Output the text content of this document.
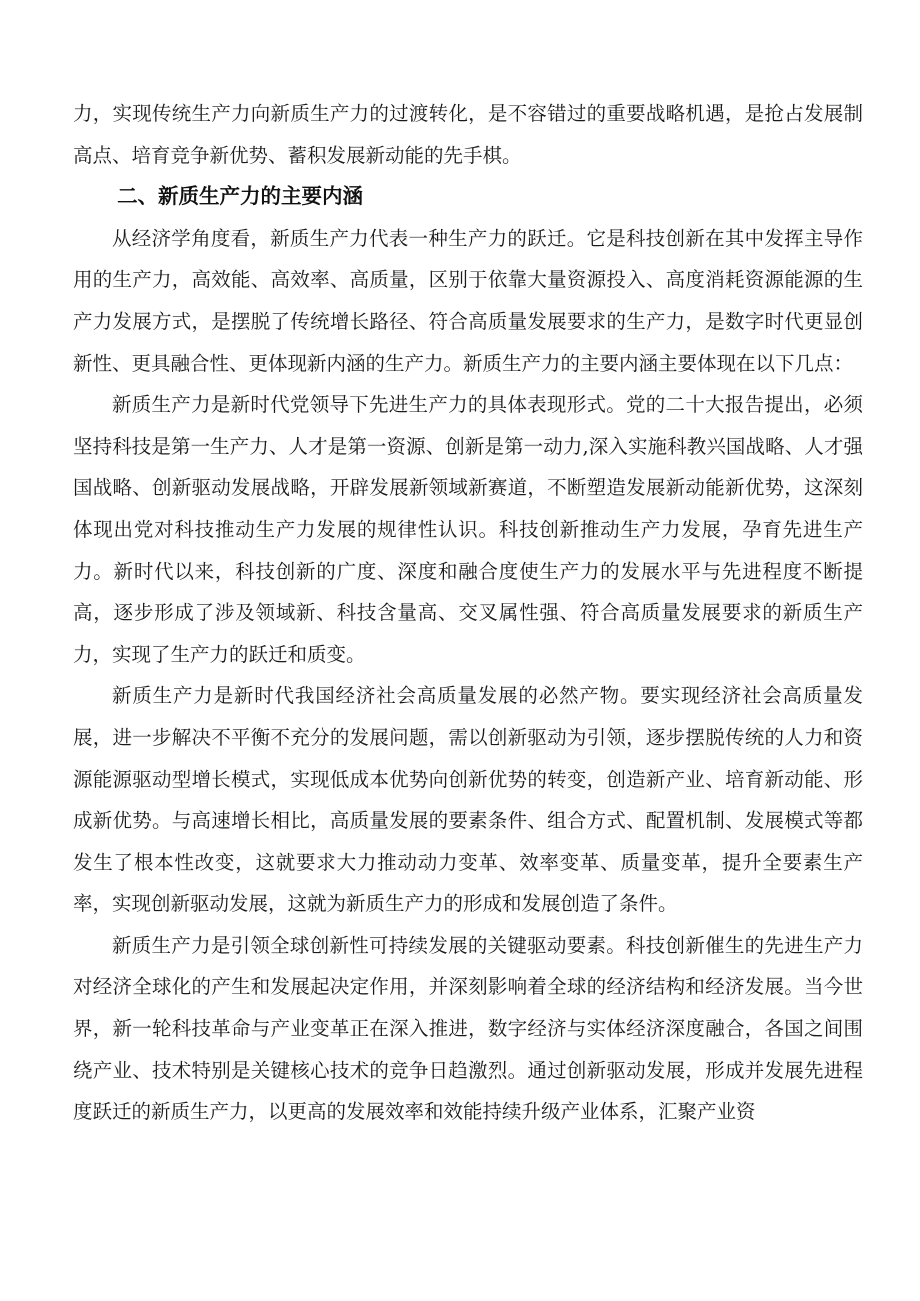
力，实现传统生产力向新质生产力的过渡转化，是不容错过的重要战略机遇，是抢占发展制高点、培育竞争新优势、蓄积发展新动能的先手棋。

二、新质生产力的主要内涵

从经济学角度看，新质生产力代表一种生产力的跃迁。它是科技创新在其中发挥主导作用的生产力，高效能、高效率、高质量，区别于依靠大量资源投入、高度消耗资源能源的生产力发展方式，是摆脱了传统增长路径、符合高质量发展要求的生产力，是数字时代更显创新性、更具融合性、更体现新内涵的生产力。新质生产力的主要内涵主要体现在以下几点：

新质生产力是新时代党领导下先进生产力的具体表现形式。党的二十大报告提出，必须坚持科技是第一生产力、人才是第一资源、创新是第一动力,深入实施科教兴国战略、人才强国战略、创新驱动发展战略，开辟发展新领域新赛道，不断塑造发展新动能新优势，这深刻体现出党对科技推动生产力发展的规律性认识。科技创新推动生产力发展，孕育先进生产力。新时代以来，科技创新的广度、深度和融合度使生产力的发展水平与先进程度不断提高，逐步形成了涉及领域新、科技含量高、交叉属性强、符合高质量发展要求的新质生产力，实现了生产力的跃迁和质变。

新质生产力是新时代我国经济社会高质量发展的必然产物。要实现经济社会高质量发展，进一步解决不平衡不充分的发展问题，需以创新驱动为引领，逐步摆脱传统的人力和资源能源驱动型增长模式，实现低成本优势向创新优势的转变，创造新产业、培育新动能、形成新优势。与高速增长相比，高质量发展的要素条件、组合方式、配置机制、发展模式等都发生了根本性改变，这就要求大力推动动力变革、效率变革、质量变革，提升全要素生产率，实现创新驱动发展，这就为新质生产力的形成和发展创造了条件。

新质生产力是引领全球创新性可持续发展的关键驱动要素。科技创新催生的先进生产力对经济全球化的产生和发展起决定作用，并深刻影响着全球的经济结构和经济发展。当今世界，新一轮科技革命与产业变革正在深入推进，数字经济与实体经济深度融合，各国之间围绕产业、技术特别是关键核心技术的竞争日趋激烈。通过创新驱动发展，形成并发展先进程度跃迁的新质生产力，以更高的发展效率和效能持续升级产业体系，汇聚产业资
